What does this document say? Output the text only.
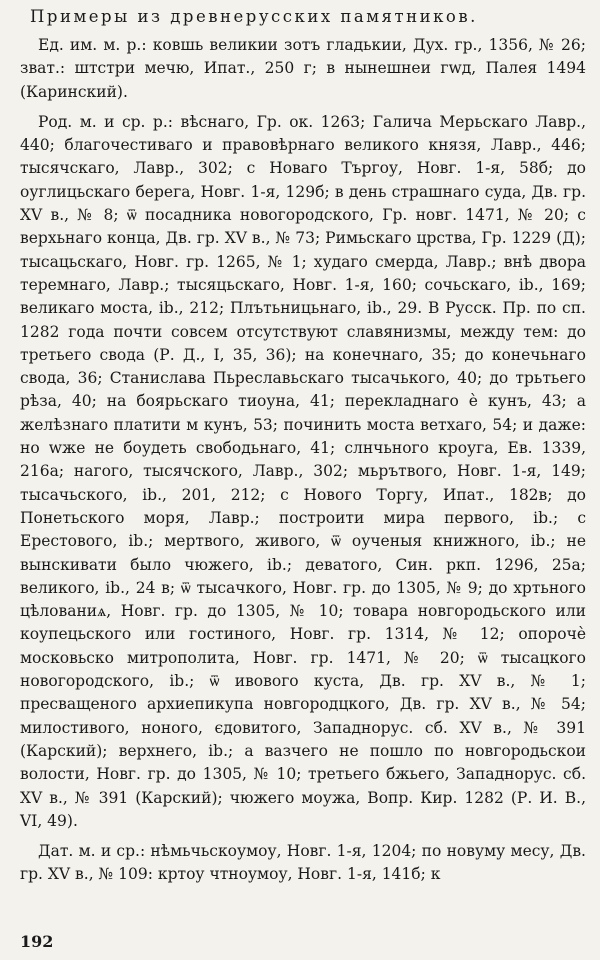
Примеры из древнерусских памятников.

Ед. им. м. р.: ковшь великии зотъ гладькии, Дух. гр., 1356, № 26; зват.: штстри мечю, Ипат., 250 г; в нынешнеи гwд, Палея 1494 (Каринский).

Род. м. и ср. р.: вѣснаго, Гр. ок. 1263; Галича Мерьскаго Лавр., 440; благочестиваго и правовѣрнаго великого князя, Лавр., 446; тысячскаго, Лавр., 302; с Новаго Търгоу, Новг. 1-я, 58б; до оуглицьскаго берега, Новг. 1-я, 129б; в день страшнаго суда, Дв. гр. XV в., № 8; ѿ посадника новогородского, Гр. новг. 1471, № 20; с верхьнаго конца, Дв. гр. XV в., № 73; Римьскаго црства, Гр. 1229 (Д); тысацьскаго, Новг. гр. 1265, № 1; худаго смерда, Лавр.; внѣ двора теремнаго, Лавр.; тысяцьскаго, Новг. 1-я, 160; сочьскаго, ib., 169; великаго моста, ib., 212; Плътьницьнаго, ib., 29. В Русск. Пр. по сп. 1282 года почти совсем отсутствуют славянизмы, между тем: до третьего свода (Р. Д., I, 35, 36); на конечнаго, 35; до конечьнаго свода, 36; Станислава Пьреславьскаго тысачького, 40; до трьтьего рѣза, 40; на боярьскаго тиоуна, 41; перекладнаго ѐ кунъ, 43; а желѣзнаго платити м кунъ, 53; починить моста ветхаго, 54; и даже: но wже не боудеть свободьнаго, 41; слнчьного кроуга, Ев. 1339, 216а; нагого, тысячского, Лавр., 302; мьрътвого, Новг. 1-я, 149; тысачьского, ib., 201, 212; с Нового Торгу, Ипат., 182в; до Понетьского моря, Лавр.; построити мира первого, ib.; с Ерестового, ib.; мертвого, живого, ѿ оученыя книжного, ib.; не вынскивати было чюжего, ib.; деватого, Син. ркп. 1296, 25а; великого, ib., 24 в; ѿ тысачкого, Новг. гр. до 1305, № 9; до хртьного цѣлованиѧ, Новг. гр. до 1305, № 10; товара новгородьского или коупецьского или гостиного, Новг. гр. 1314, № 12; опорочѐ московьско митрополита, Новг. гр. 1471, № 20; ѿ тысацкого новогородского, ib.; ѿ ивового куста, Дв. гр. XV в., № 1; пресващеного архиепикупа новгородцкого, Дв. гр. XV в., № 54; милостивого, ноного, єдовитого, Западнорус. сб. XV в., № 391 (Карский); верхнего, ib.; а вазчего не пошло по новгородьскои волости, Новг. гр. до 1305, № 10; третьего бжьего, Западнорус. сб. XV в., № 391 (Карский); чюжего моужа, Вопр. Кир. 1282 (Р. И. В., VI, 49).

Дат. м. и ср.: нѣмьчьскоумоу, Новг. 1-я, 1204; по новуму месу, Дв. гр. XV в., № 109: кртоу чтноумоу, Новг. 1-я, 141б; к

192
